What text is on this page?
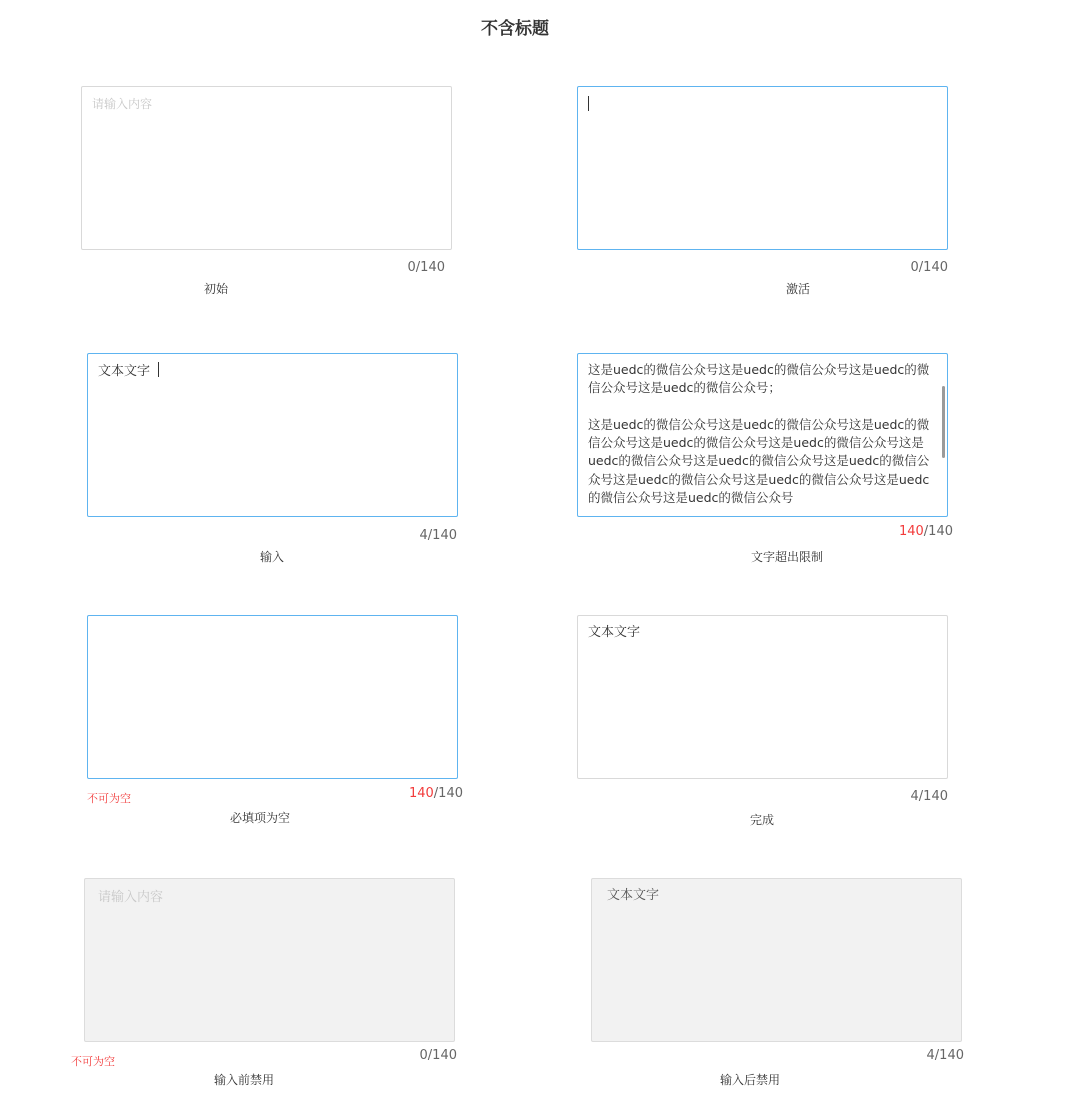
不含标题
请输入内容
0/140
初始
0/140
激活
文本文字
4/140
输入
这是uedc的微信公众号这是uedc的微信公众号这是uedc的微信公众号这是uedc的微信公众号；

这是uedc的微信公众号这是uedc的微信公众号这是uedc的微信公众号这是uedc的微信公众号这是uedc的微信公众号这是uedc的微信公众号这是uedc的微信公众号这是uedc的微信公众号这是uedc的微信公众号这是uedc的微信公众号这是uedc的微信公众号这是uedc的微信公众号
140/140
文字超出限制
不可为空	140/140
必填项为空
文本文字
4/140
完成
请输入内容
不可为空	0/140
输入前禁用
文本文字
4/140
输入后禁用
